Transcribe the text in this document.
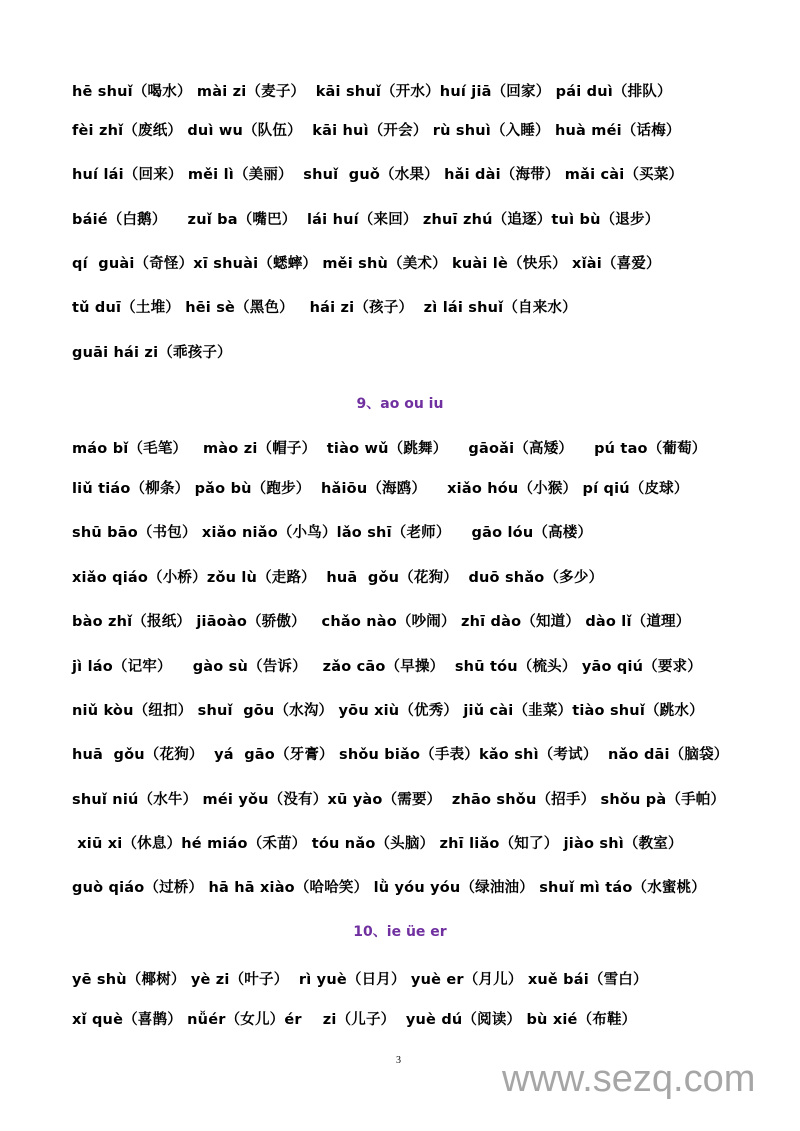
hē shuǐ（喝水） mài zi（麦子）  kāi shuǐ（开水）huí jiā（回家） pái duì（排队）
fèi zhǐ（废纸） duì wu（队伍）  kāi huì（开会） rù shuì（入睡） huà méi（话梅）
huí lái（回来） měi lì（美丽）  shuǐ  guǒ（水果） hǎi dài（海带） mǎi cài（买菜）
báié（白鹅）    zuǐ ba（嘴巴）  lái huí（来回） zhuī zhú（追逐）tuì bù（退步）
qí  guài（奇怪）xī shuài（蟋蟀） měi shù（美术） kuài lè（快乐） xǐài（喜爱）
tǔ duī（土堆） hēi sè（黑色）   hái zi（孩子）  zì lái shuǐ（自来水）
guāi hái zi（乖孩子）
9、ao ou iu
máo bǐ（毛笔）   mào zi（帽子）  tiào wǔ（跳舞）    gāoǎi（高矮）    pú tao（葡萄）
liǔ tiáo（柳条） pǎo bù（跑步）  hǎiōu（海鸥）    xiǎo hóu（小猴） pí qiú（皮球）
shū bāo（书包） xiǎo niǎo（小鸟）lǎo shī（老师）    gāo lóu（高楼）
xiǎo qiáo（小桥）zǒu lù（走路）  huā  gǒu（花狗）  duō shǎo（多少）
bào zhǐ（报纸） jiāoào（骄傲）   chǎo nào（吵闹） zhī dào（知道） dào lǐ（道理）
jì láo（记牢）    gào sù（告诉）   zǎo cāo（早操）  shū tóu（梳头） yāo qiú（要求）
niǔ kòu（纽扣） shuǐ  gōu（水沟） yōu xiù（优秀） jiǔ cài（韭菜）tiào shuǐ（跳水）
huā  gǒu（花狗）  yá  gāo（牙膏） shǒu biǎo（手表）kǎo shì（考试）  nǎo dāi（脑袋）
shuǐ niú（水牛） méi yǒu（没有）xū yào（需要）  zhāo shǒu（招手） shǒu pà（手帕）
xiū xi（休息）hé miáo（禾苗） tóu nǎo（头脑） zhī liǎo（知了） jiào shì（教室）
guò qiáo（过桥） hā hā xiào（哈哈笑） lǜ yóu yóu（绿油油） shuǐ mì táo（水蜜桃）
10、ie üe er
yē shù（椰树） yè zi（叶子）  rì yuè（日月） yuè er（月儿） xuě bái（雪白）
xǐ què（喜鹊） nǚér（女儿）ér    zi（儿子）  yuè dú（阅读） bù xié（布鞋）
3	www.sezq.com
